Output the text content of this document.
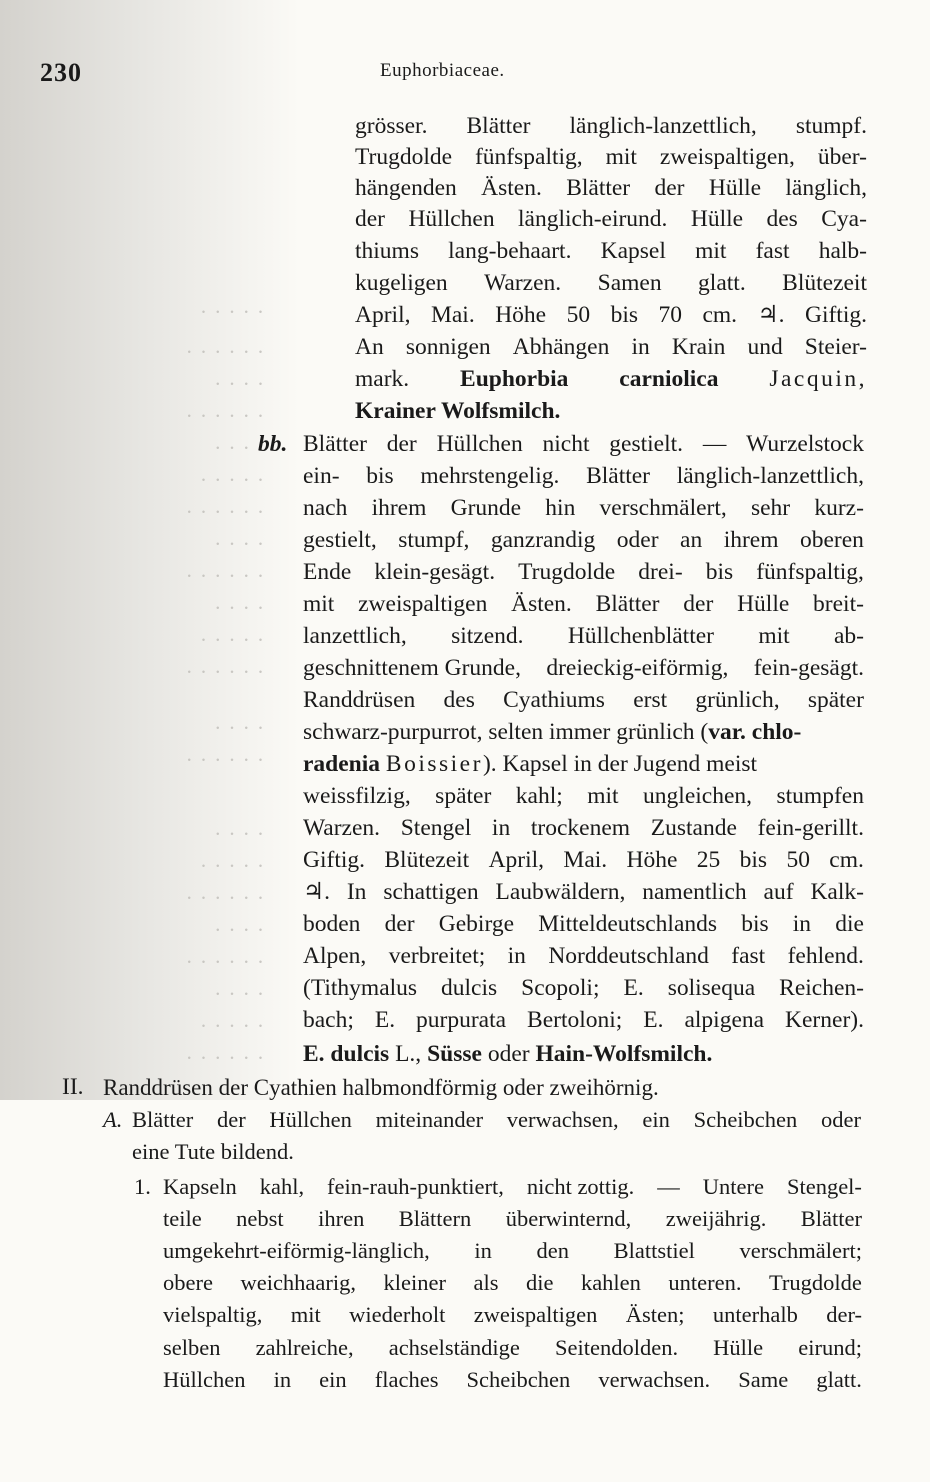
· · · · ·
· · · · · ·
· · · ·
· · · · · ·
· · · ·
· · · · ·
· · · · · ·
· · · ·
· · · · · ·
· · · ·
· · · · ·
· · · · · ·
· · · ·
· · · · · ·
· · · ·
· · · · ·
· · · · · ·
· · · ·
· · · · · ·
· · · ·
· · · · ·
· · · · · ·
230	Euphorbiaceae.
grösser. Blätter länglich-lanzettlich, stumpf.
Trugdolde fünfspaltig, mit zweispaltigen, über-
hängenden Ästen. Blätter der Hülle länglich,
der Hüllchen länglich-eirund. Hülle des Cya-
thiums lang-behaart. Kapsel mit fast halb-
kugeligen Warzen. Samen glatt. Blütezeit
April, Mai. Höhe 50 bis 70 cm. ♃. Giftig.
An sonnigen Abhängen in Krain und Steier-
mark. Euphorbia carniolica Jacquin,
Krainer Wolfsmilch.
bb. Blätter der Hüllchen nicht gestielt. — Wurzelstock
ein- bis mehrstengelig. Blätter länglich-lanzettlich,
nach ihrem Grunde hin verschmälert, sehr kurz-
gestielt, stumpf, ganzrandig oder an ihrem oberen
Ende klein-gesägt. Trugdolde drei- bis fünfspaltig,
mit zweispaltigen Ästen. Blätter der Hülle breit-
lanzettlich, sitzend. Hüllchenblätter mit ab-
geschnittenem Grunde, dreieckig-eiförmig, fein-gesägt.
Randdrüsen des Cyathiums erst grünlich, später
schwarz-purpurrot, selten immer grünlich ( var. chlo-
radenia
Boissier ). Kapsel in der Jugend meist
weissfilzig, später kahl; mit ungleichen, stumpfen
Warzen. Stengel in trockenem Zustande fein-gerillt.
Giftig. Blütezeit April, Mai. Höhe 25 bis 50 cm.
♃. In schattigen Laubwäldern, namentlich auf Kalk-
boden der Gebirge Mitteldeutschlands bis in die
Alpen, verbreitet; in Norddeutschland fast fehlend.
(Tithymalus dulcis Scopoli; E. solisequa Reichen-
bach; E. purpurata Bertoloni; E. alpigena Kerner).
E. dulcis
L.,
Süsse
oder
Hain-Wolfsmilch.
II. Randdrüsen der Cyathien halbmondförmig oder zweihörnig.
A. Blätter der Hüllchen miteinander verwachsen, ein Scheibchen oder
eine Tute bildend.
1. Kapseln kahl, fein-rauh-punktiert, nicht zottig. — Untere Stengel-
teile nebst ihren Blättern überwinternd, zweijährig. Blätter
umgekehrt-eiförmig-länglich, in den Blattstiel verschmälert;
obere weichhaarig, kleiner als die kahlen unteren. Trugdolde
vielspaltig, mit wiederholt zweispaltigen Ästen; unterhalb der-
selben zahlreiche, achselständige Seitendolden. Hülle eirund;
Hüllchen in ein flaches Scheibchen verwachsen. Same glatt.
